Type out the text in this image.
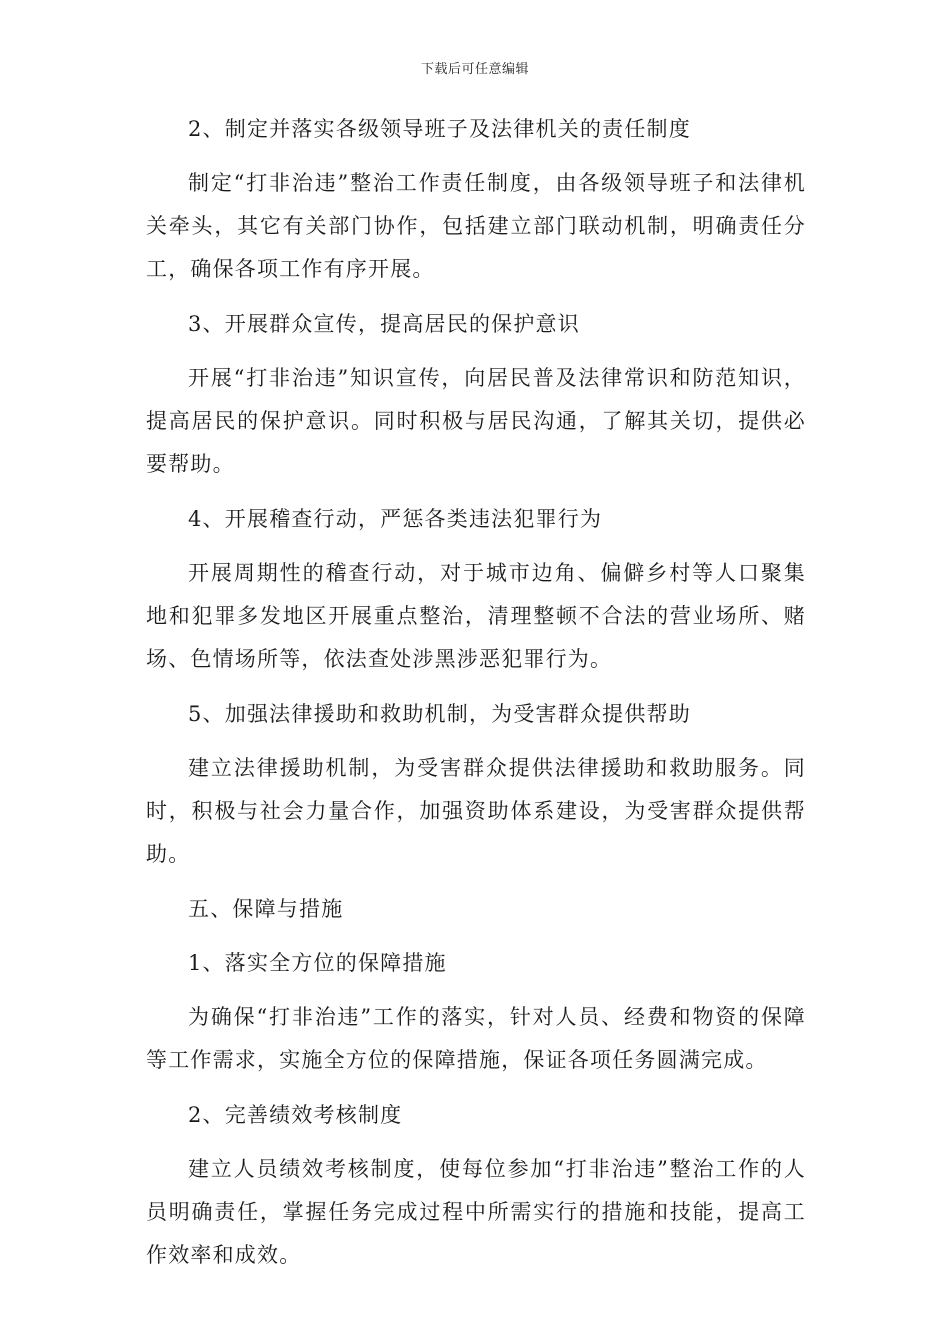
下载后可任意编辑

2、制定并落实各级领导班子及法律机关的责任制度

制定“打非治违”整治工作责任制度，由各级领导班子和法律机关牵头，其它有关部门协作，包括建立部门联动机制，明确责任分工，确保各项工作有序开展。

3、开展群众宣传，提高居民的保护意识

开展“打非治违”知识宣传，向居民普及法律常识和防范知识，提高居民的保护意识。同时积极与居民沟通，了解其关切，提供必要帮助。

4、开展稽查行动，严惩各类违法犯罪行为

开展周期性的稽查行动，对于城市边角、偏僻乡村等人口聚集地和犯罪多发地区开展重点整治，清理整顿不合法的营业场所、赌场、色情场所等，依法查处涉黑涉恶犯罪行为。

5、加强法律援助和救助机制，为受害群众提供帮助

建立法律援助机制，为受害群众提供法律援助和救助服务。同时，积极与社会力量合作，加强资助体系建设，为受害群众提供帮助。

五、保障与措施

1、落实全方位的保障措施

为确保“打非治违”工作的落实，针对人员、经费和物资的保障等工作需求，实施全方位的保障措施，保证各项任务圆满完成。

2、完善绩效考核制度

建立人员绩效考核制度，使每位参加“打非治违”整治工作的人员明确责任，掌握任务完成过程中所需实行的措施和技能，提高工作效率和成效。
